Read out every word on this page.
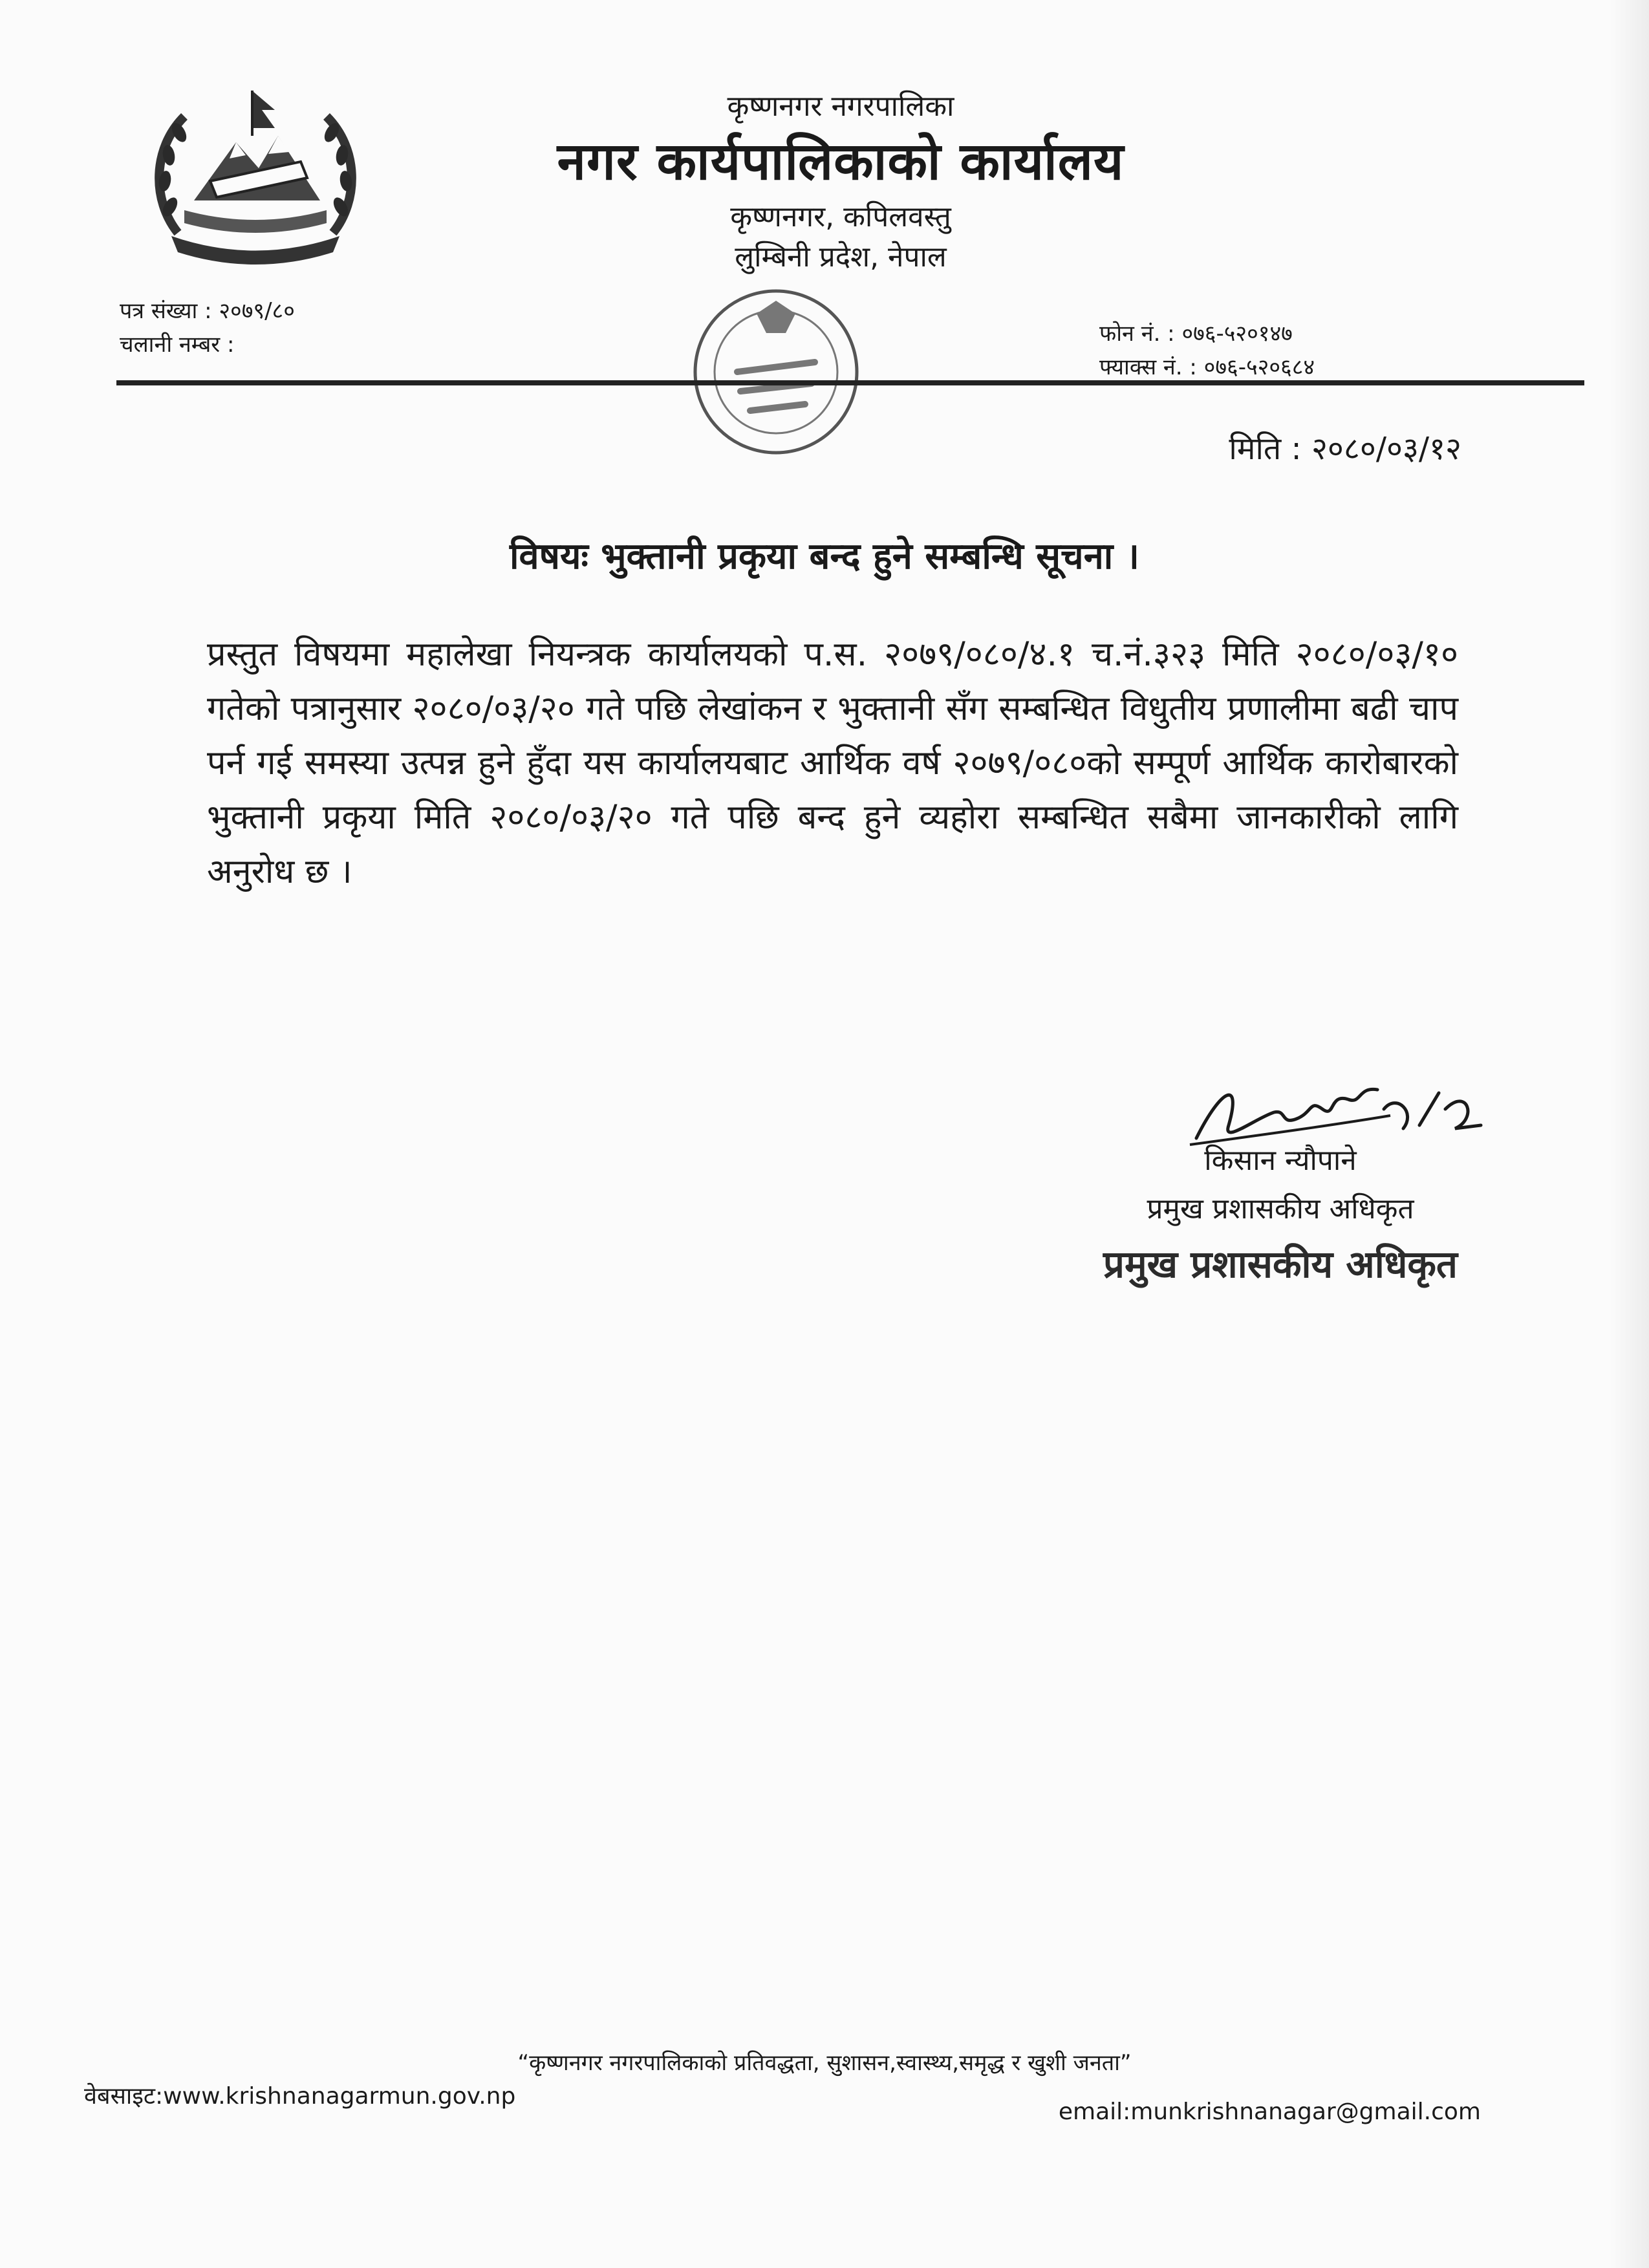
कृष्णनगर नगरपालिका
नगर कार्यपालिकाको कार्यालय
कृष्णनगर, कपिलवस्तु
लुम्बिनी प्रदेश, नेपाल
पत्र संख्या : २०७९/८०
चलानी नम्बर :	फोन नं. : ०७६-५२०१४७
फ्याक्स नं. : ०७६-५२०६८४
मिति : २०८०/०३/१२
विषयः भुक्तानी प्रकृया बन्द हुने सम्बन्धि सूचना ।
प्रस्तुत विषयमा महालेखा नियन्त्रक कार्यालयको प.स. २०७९/०८०/४.१ च.नं.३२३ मिति २०८०/०३/१० गतेको पत्रानुसार २०८०/०३/२० गते पछि लेखांकन र भुक्तानी सँग सम्बन्धित विधुतीय प्रणालीमा बढी चाप पर्न गई समस्या उत्पन्न हुने हुँदा यस कार्यालयबाट आर्थिक वर्ष २०७९/०८०को सम्पूर्ण आर्थिक कारोबारको भुक्तानी प्रकृया मिति २०८०/०३/२० गते पछि बन्द हुने व्यहोरा सम्बन्धित सबैमा जानकारीको लागि अनुरोध छ ।
किसान न्यौपाने
प्रमुख प्रशासकीय अधिकृत
प्रमुख प्रशासकीय अधिकृत
“कृष्णनगर नगरपालिकाको प्रतिवद्धता, सुशासन,स्वास्थ्य,समृद्ध र खुशी जनता”
वेबसाइट:www.krishnanagarmun.gov.np
email:munkrishnanagar@gmail.com
